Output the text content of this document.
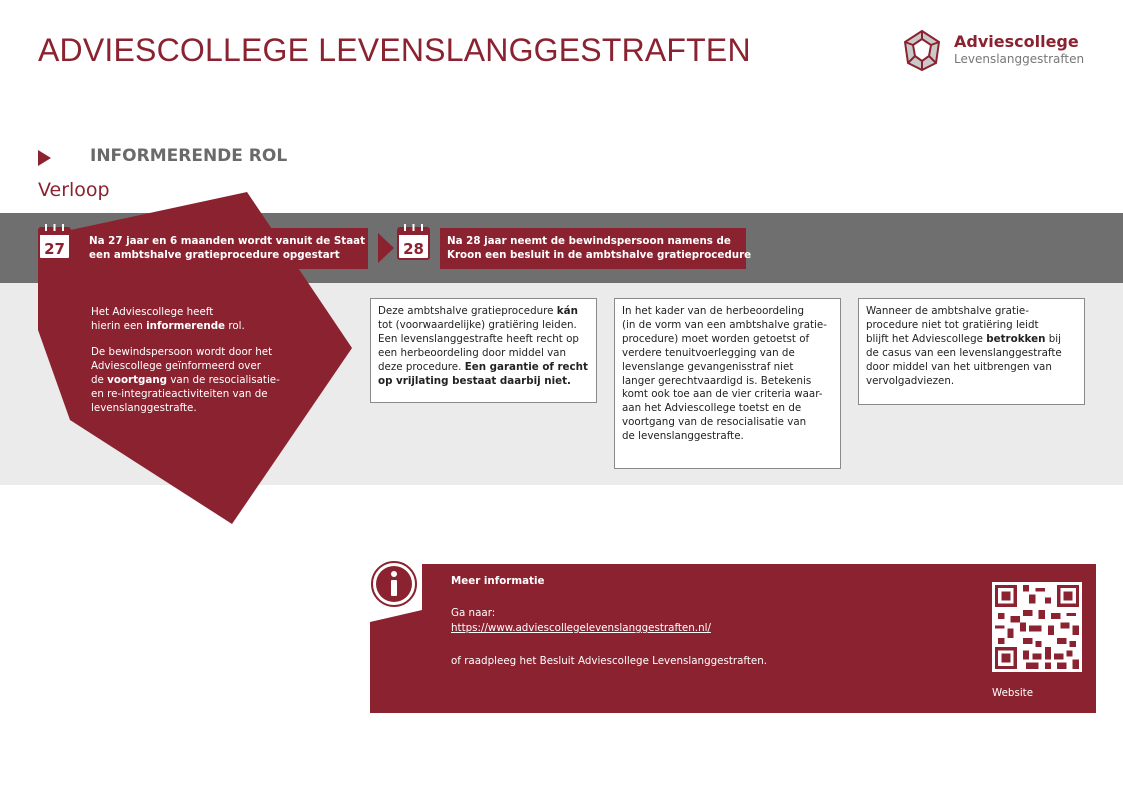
ADVIESCOLLEGE LEVENSLANGGESTRAFTEN	Adviescollege
Levenslanggestraften
INFORMERENDE ROL
Verloop
27 Na 27 jaar en 6 maanden wordt vanuit de Staat
een ambtshalve gratieprocedure opgestart	28 Na 28 jaar neemt de bewindspersoon namens de
Kroon een besluit in de ambtshalve gratieprocedure

Het Adviescollege heeft
hierin een informerende rol.

De bewindspersoon wordt door het
Adviescollege geïnformeerd over
de voortgang van de resocialisatie-
en re-integratieactiviteiten van de
levenslanggestrafte.

Deze ambtshalve gratieprocedure kán
tot (voorwaardelijke) gratiëring leiden.
Een levenslanggestrafte heeft recht op
een herbeoordeling door middel van
deze procedure. Een garantie of recht
op vrijlating bestaat daarbij niet.
In het kader van de herbeoordeling
(in de vorm van een ambtshalve gratie-
procedure) moet worden getoetst of
verdere tenuitvoerlegging van de
levenslange gevangenisstraf niet
langer gerechtvaardigd is. Betekenis
komt ook toe aan de vier criteria waar-
aan het Adviescollege toetst en de
voortgang van de resocialisatie van
de levenslanggestrafte.
Wanneer de ambtshalve gratie-
procedure niet tot gratiëring leidt
blijft het Adviescollege betrokken bij
de casus van een levenslanggestrafte
door middel van het uitbrengen van
vervolgadviezen.
Meer informatie
Ga naar:
https://www.adviescollegelevenslanggestraften.nl/
of raadpleeg het Besluit Adviescollege Levenslanggestraften.
Website
